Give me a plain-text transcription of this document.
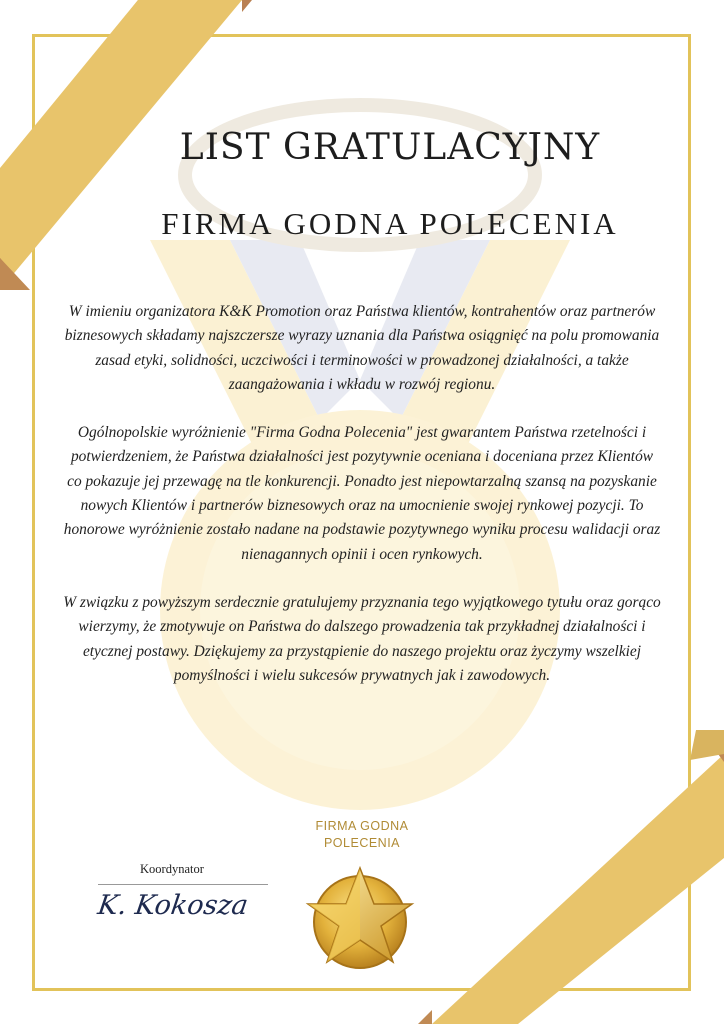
LIST GRATULACYJNY
FIRMA GODNA POLECENIA

W imieniu organizatora K&K Promotion oraz Państwa klientów, kontrahentów oraz partnerów biznesowych składamy najszczersze wyrazy uznania dla Państwa osiągnięć na polu promowania zasad etyki, solidności, uczciwości i terminowości w prowadzonej działalności, a także zaangażowania i wkładu w rozwój regionu.

Ogólnopolskie wyróżnienie "Firma Godna Polecenia" jest gwarantem Państwa rzetelności i potwierdzeniem, że Państwa działalności jest pozytywnie oceniana i doceniana przez Klientów co pokazuje jej przewagę na tle konkurencji. Ponadto jest niepowtarzalną szansą na pozyskanie nowych Klientów i partnerów biznesowych oraz na umocnienie swojej rynkowej pozycji. To honorowe wyróżnienie zostało nadane na podstawie pozytywnego wyniku procesu walidacji oraz nienagannych opinii i ocen rynkowych.

W związku z powyższym serdecznie gratulujemy przyznania tego wyjątkowego tytułu oraz gorąco wierzymy, że zmotywuje on Państwa do dalszego prowadzenia tak przykładnej działalności i etycznej postawy. Dziękujemy za przystąpienie do naszego projektu oraz życzymy wszelkiej pomyślności i wielu sukcesów prywatnych jak i zawodowych.

FIRMA GODNA
POLECENIA
Koordynator
K. Kokosza
